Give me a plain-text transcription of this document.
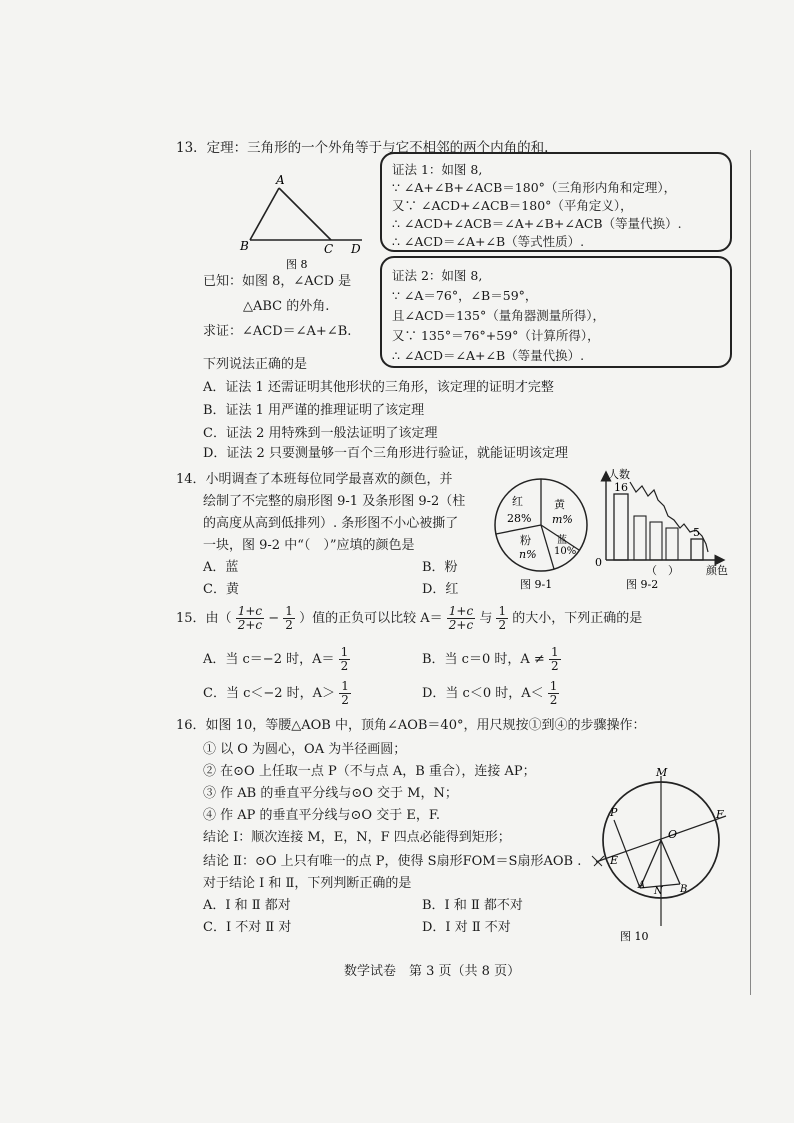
13．定理：三角形的一个外角等于与它不相邻的两个内角的和.
A
B	C D
图 8
已知：如图 8，∠ACD 是
△ABC 的外角.
求证：∠ACD＝∠A+∠B.
证法 1：如图 8,
∵ ∠A+∠B+∠ACB＝180°（三角形内角和定理），
又∵ ∠ACD+∠ACB＝180°（平角定义），
∴ ∠ACD+∠ACB＝∠A+∠B+∠ACB（等量代换）.
∴ ∠ACD＝∠A+∠B（等式性质）.
证法 2：如图 8,
∵ ∠A＝76°，∠B＝59°，
且∠ACD＝135°（量角器测量所得），
又∵ 135°＝76°+59°（计算所得），
∴ ∠ACD＝∠A+∠B（等量代换）.
下列说法正确的是
A．证法 1 还需证明其他形状的三角形，该定理的证明才完整
B．证法 1 用严谨的推理证明了该定理
C．证法 2 用特殊到一般法证明了该定理
D．证法 2 只要测量够一百个三角形进行验证，就能证明该定理
14．小明调查了本班每位同学最喜欢的颜色，并
绘制了不完整的扇形图 9-1 及条形图 9-2（柱
的高度从高到低排列）. 条形图不小心被撕了
一块，图 9-2 中“（　）”应填的颜色是
A．蓝	B．粉
C．黄	D．红
红
28%
黄
m%
粉
n%
蓝
10%
图 9-1
人数
16
5
0
（　） 颜色
图 9-2
15．由（ $\frac{1+c}{2+c} - \frac{1}{2}$ ）值的正负可以比较 $A= \frac{1+c}{2+c}$ 与 $\frac{1}{2}$ 的大小，下列正确的是
A．当 c＝−2 时，$A= \frac{1}{2}$	B．当 c＝0 时，$A \ne \frac{1}{2}$
C．当 c＜−2 时，$A> \frac{1}{2}$	D．当 c＜0 时，$A< \frac{1}{2}$
16．如图 10，等腰△AOB 中，顶角∠AOB＝40°，用尺规按①到④的步骤操作：
① 以 O 为圆心，OA 为半径画圆；
② 在⊙O 上任取一点 P（不与点 A，B 重合），连接 AP；
③ 作 AB 的垂直平分线与⊙O 交于 M，N；
④ 作 AP 的垂直平分线与⊙O 交于 E，F.
结论 Ⅰ：顺次连接 M，E，N，F 四点必能得到矩形；
结论 Ⅱ：⊙O 上只有唯一的点 P，使得 S扇形FOM＝S扇形AOB .
对于结论 Ⅰ 和 Ⅱ，下列判断正确的是
A．Ⅰ 和 Ⅱ 都对	B．Ⅰ 和 Ⅱ 都不对
C．Ⅰ 不对 Ⅱ 对	D．Ⅰ 对 Ⅱ 不对
M
P
O
F
E
A
N B
图 10
数学试卷　第 3 页（共 8 页）
